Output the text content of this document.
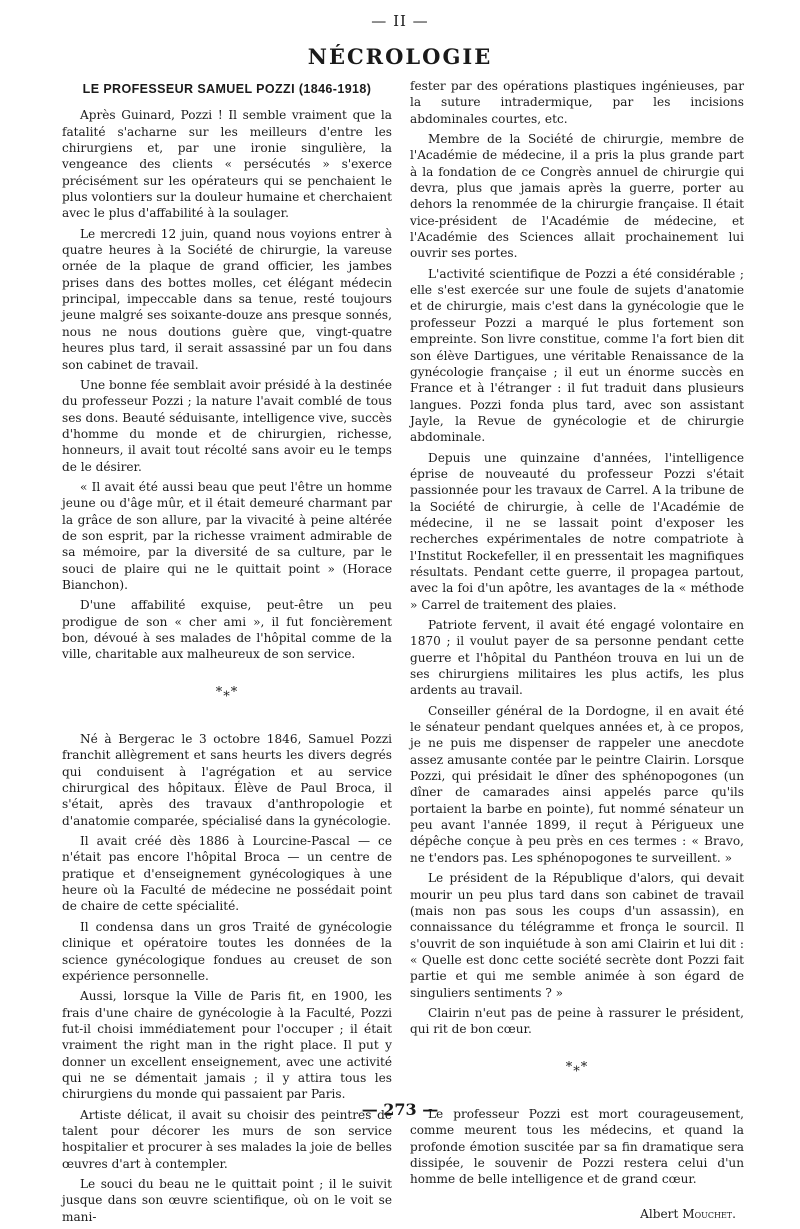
— II —
NÉCROLOGIE
LE PROFESSEUR SAMUEL POZZI (1846-1918)

Après Guinard, Pozzi ! Il semble vraiment que la fatalité s'acharne sur les meilleurs d'entre les chirurgiens et, par une ironie singulière, la vengeance des clients « persécutés » s'exerce précisément sur les opérateurs qui se penchaient le plus volontiers sur la douleur humaine et cherchaient avec le plus d'affabilité à la soulager.

Le mercredi 12 juin, quand nous voyions entrer à quatre heures à la Société de chirurgie, la vareuse ornée de la plaque de grand officier, les jambes prises dans des bottes molles, cet élégant médecin principal, impeccable dans sa tenue, resté toujours jeune malgré ses soixante-douze ans presque sonnés, nous ne nous doutions guère que, vingt-quatre heures plus tard, il serait assassiné par un fou dans son cabinet de travail.

Une bonne fée semblait avoir présidé à la destinée du professeur Pozzi ; la nature l'avait comblé de tous ses dons. Beauté séduisante, intelligence vive, succès d'homme du monde et de chirurgien, richesse, honneurs, il avait tout récolté sans avoir eu le temps de le désirer.

« Il avait été aussi beau que peut l'être un homme jeune ou d'âge mûr, et il était demeuré charmant par la grâce de son allure, par la vivacité à peine altérée de son esprit, par la richesse vraiment admirable de sa mémoire, par la diversité de sa culture, par le souci de plaire qui ne le quittait point » (Horace Bianchon).

D'une affabilité exquise, peut-être un peu prodigue de son « cher ami », il fut foncièrement bon, dévoué à ses malades de l'hôpital comme de la ville, charitable aux malheureux de son service.

*⁎*

Né à Bergerac le 3 octobre 1846, Samuel Pozzi franchit allègrement et sans heurts les divers degrés qui conduisent à l'agrégation et au service chirurgical des hôpitaux. Élève de Paul Broca, il s'était, après des travaux d'anthropologie et d'anatomie comparée, spécialisé dans la gynécologie.

Il avait créé dès 1886 à Lourcine-Pascal — ce n'était pas encore l'hôpital Broca — un centre de pratique et d'enseignement gynécologiques à une heure où la Faculté de médecine ne possédait point de chaire de cette spécialité.

Il condensa dans un gros Traité de gynécologie clinique et opératoire toutes les données de la science gynécologique fondues au creuset de son expérience personnelle.

Aussi, lorsque la Ville de Paris fit, en 1900, les frais d'une chaire de gynécologie à la Faculté, Pozzi fut-il choisi immédiatement pour l'occuper ; il était vraiment the right man in the right place. Il put y donner un excellent enseignement, avec une activité qui ne se démentait jamais ; il y attira tous les chirurgiens du monde qui passaient par Paris.

Artiste délicat, il avait su choisir des peintres de talent pour décorer les murs de son service hospitalier et procurer à ses malades la joie de belles œuvres d'art à contempler.

Le souci du beau ne le quittait point ; il le suivit jusque dans son œuvre scientifique, où on le voit se mani-

fester par des opérations plastiques ingénieuses, par la suture intradermique, par les incisions abdominales courtes, etc.

Membre de la Société de chirurgie, membre de l'Académie de médecine, il a pris la plus grande part à la fondation de ce Congrès annuel de chirurgie qui devra, plus que jamais après la guerre, porter au dehors la renommée de la chirurgie française. Il était vice-président de l'Académie de médecine, et l'Académie des Sciences allait prochainement lui ouvrir ses portes.

L'activité scientifique de Pozzi a été considérable ; elle s'est exercée sur une foule de sujets d'anatomie et de chirurgie, mais c'est dans la gynécologie que le professeur Pozzi a marqué le plus fortement son empreinte. Son livre constitue, comme l'a fort bien dit son élève Dartigues, une véritable Renaissance de la gynécologie française ; il eut un énorme succès en France et à l'étranger : il fut traduit dans plusieurs langues. Pozzi fonda plus tard, avec son assistant Jayle, la Revue de gynécologie et de chirurgie abdominale.

Depuis une quinzaine d'années, l'intelligence éprise de nouveauté du professeur Pozzi s'était passionnée pour les travaux de Carrel. A la tribune de la Société de chirurgie, à celle de l'Académie de médecine, il ne se lassait point d'exposer les recherches expérimentales de notre compatriote à l'Institut Rockefeller, il en pressentait les magnifiques résultats. Pendant cette guerre, il propagea partout, avec la foi d'un apôtre, les avantages de la « méthode » Carrel de traitement des plaies.

Patriote fervent, il avait été engagé volontaire en 1870 ; il voulut payer de sa personne pendant cette guerre et l'hôpital du Panthéon trouva en lui un de ses chirurgiens militaires les plus actifs, les plus ardents au travail.

Conseiller général de la Dordogne, il en avait été le sénateur pendant quelques années et, à ce propos, je ne puis me dispenser de rappeler une anecdote assez amusante contée par le peintre Clairin. Lorsque Pozzi, qui présidait le dîner des sphénopogones (un dîner de camarades ainsi appelés parce qu'ils portaient la barbe en pointe), fut nommé sénateur un peu avant l'année 1899, il reçut à Périgueux une dépêche conçue à peu près en ces termes : « Bravo, ne t'endors pas. Les sphénopogones te surveillent. »

Le président de la République d'alors, qui devait mourir un peu plus tard dans son cabinet de travail (mais non pas sous les coups d'un assassin), en connaissance du télégramme et fronça le sourcil. Il s'ouvrit de son inquiétude à son ami Clairin et lui dit : « Quelle est donc cette société secrète dont Pozzi fait partie et qui me semble animée à son égard de singuliers sentiments ? »

Clairin n'eut pas de peine à rassurer le président, qui rit de bon cœur.

*⁎*

Le professeur Pozzi est mort courageusement, comme meurent tous les médecins, et quand la profonde émotion suscitée par sa fin dramatique sera dissipée, le souvenir de Pozzi restera celui d'un homme de belle intelligence et de grand cœur.

Albert Mouchet.
— 273 —
